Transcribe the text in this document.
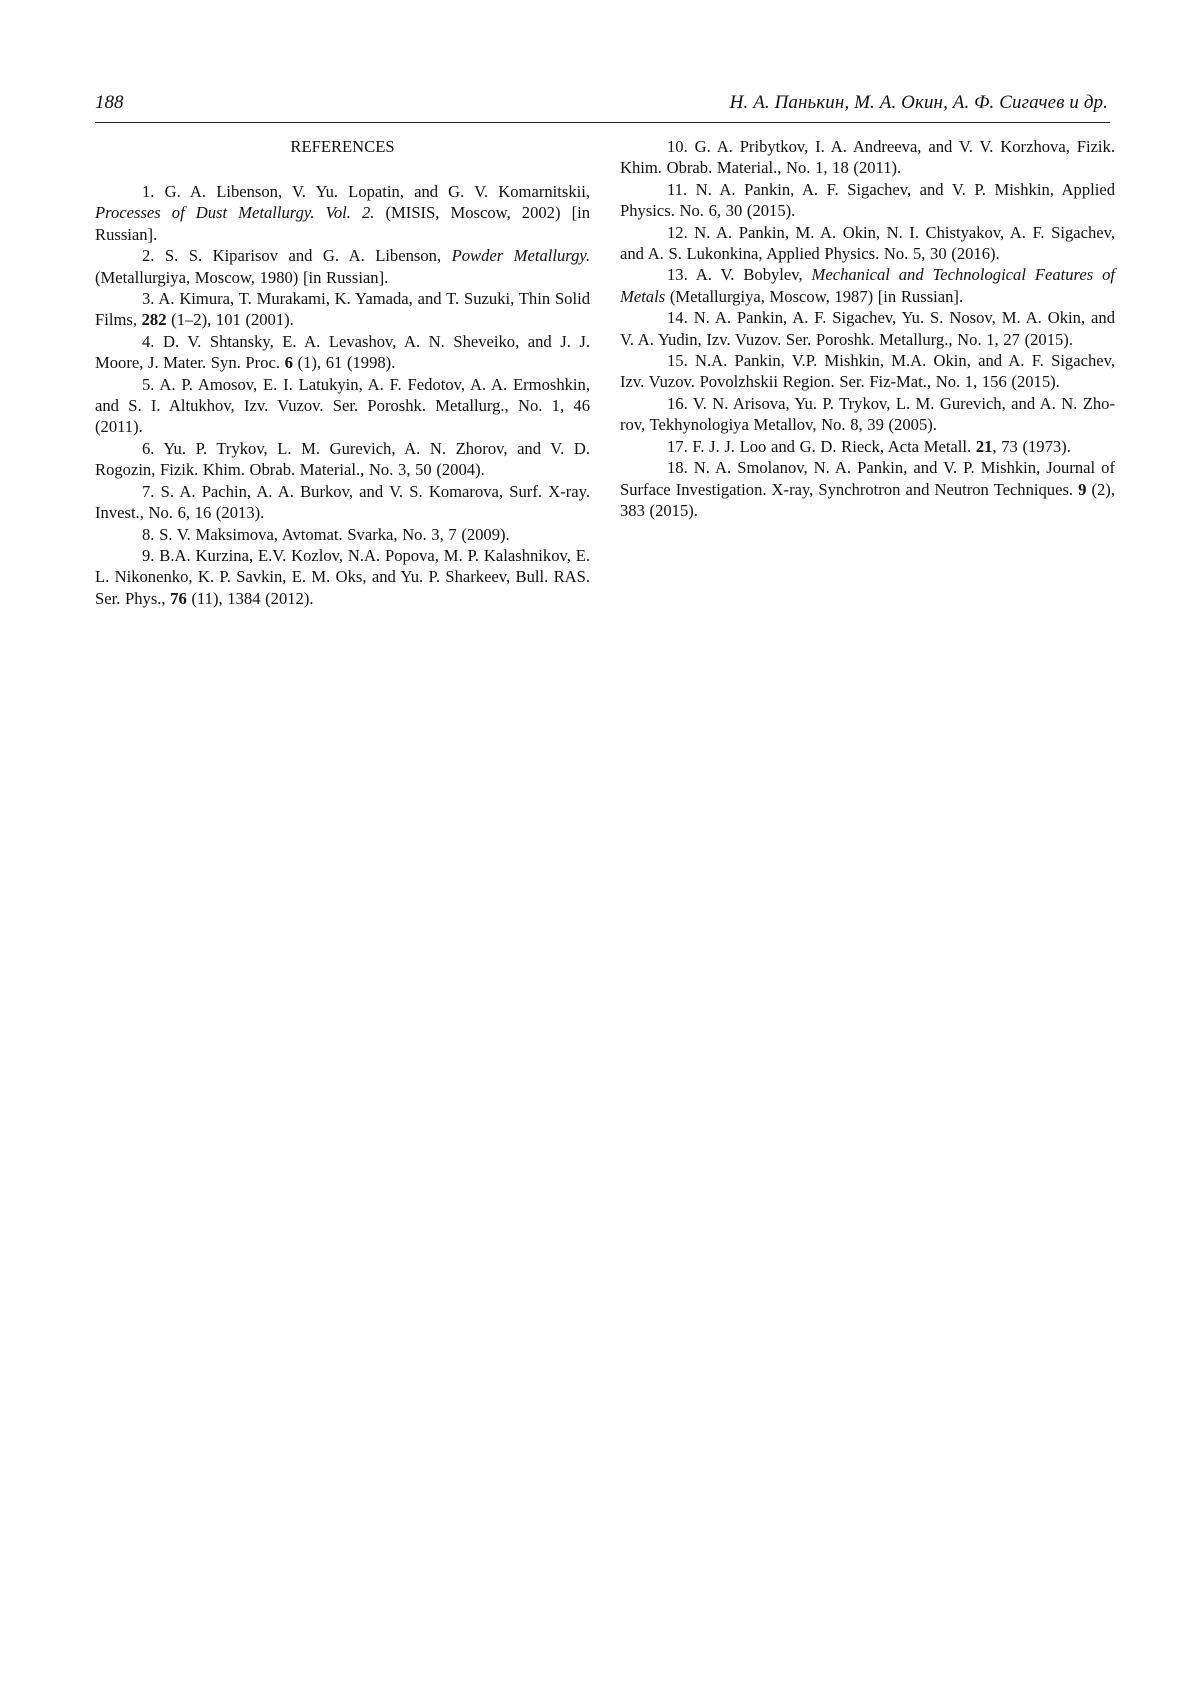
188	Н. А. Панькин, М. А. Окин, А. Ф. Сигачев и др.
REFERENCES

1. G. A. Libenson, V. Yu. Lopatin, and G. V. Komarnitskii, Processes of Dust Metallurgy. Vol. 2. (MISIS, Moscow, 2002) [in Russian].

2. S. S. Kiparisov and G. A. Libenson, Powder Metallurgy. (Metallurgiya, Moscow, 1980) [in Russian].

3. A. Kimura, T. Murakami, K. Yamada, and T. Suzuki, Thin Solid Films, 282 (1–2), 101 (2001).

4. D. V. Shtansky, E. A. Levashov, A. N. Sheveiko, and J. J. Moore, J. Mater. Syn. Proc. 6 (1), 61 (1998).

5. A. P. Amosov, E. I. Latukyin, A. F. Fedotov, A. A. Ermoshkin, and S. I. Altukhov, Izv. Vuzov. Ser. Poroshk. Metallurg., No. 1, 46 (2011).

6. Yu. P. Trykov, L. M. Gurevich, A. N. Zhorov, and V. D. Rogozin, Fizik. Khim. Obrab. Material., No. 3, 50 (2004).

7. S. A. Pachin, A. A. Burkov, and V. S. Komarova, Surf. X-ray. Invest., No. 6, 16 (2013).

8. S. V. Maksimova, Avtomat. Svarka, No. 3, 7 (2009).

9. B.A. Kurzina, E.V. Kozlov, N.A. Popova, M. P. Kalashnikov, E. L. Nikonenko, K. P. Savkin, E. M. Oks, and Yu. P. Sharkeev, Bull. RAS. Ser. Phys., 76 (11), 1384 (2012).

10. G. A. Pribytkov, I. A. Andreeva, and V. V. Korzhova, Fizik. Khim. Obrab. Material., No. 1, 18 (2011).

11. N. A. Pankin, A. F. Sigachev, and V. P. Mishkin, Applied Physics. No. 6, 30 (2015).

12. N. A. Pankin, M. A. Okin, N. I. Chistyakov, A. F. Sigachev, and A. S. Lukonkina, Applied Physics. No. 5, 30 (2016).

13. A. V. Bobylev, Mechanical and Technological Features of Metals (Metallurgiya, Moscow, 1987) [in Russian].

14. N. A. Pankin, A. F. Sigachev, Yu. S. Nosov, M. A. Okin, and V. A. Yudin, Izv. Vuzov. Ser. Poroshk. Metallurg., No. 1, 27 (2015).

15. N.A. Pankin, V.P. Mishkin, M.A. Okin, and A. F. Sigachev, Izv. Vuzov. Povolzhskii Region. Ser. Fiz-Mat., No. 1, 156 (2015).

16. V. N. Arisova, Yu. P. Trykov, L. M. Gurevich, and A. N. Zho-rov, Tekhynologiya Metallov, No. 8, 39 (2005).

17. F. J. J. Loo and G. D. Rieck, Acta Metall. 21, 73 (1973).

18. N. A. Smolanov, N. A. Pankin, and V. P. Mishkin, Journal of Surface Investigation. X-ray, Synchrotron and Neutron Techniques. 9 (2), 383 (2015).
